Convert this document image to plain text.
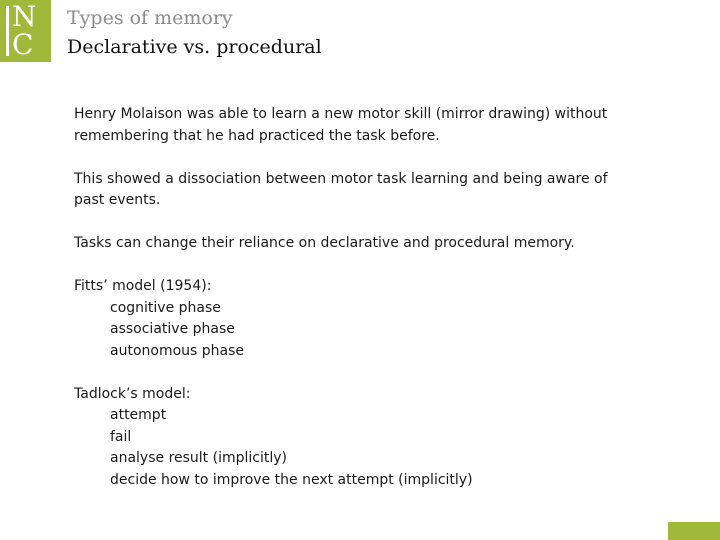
N
C
Types of memory
Declarative vs. procedural

Henry Molaison was able to learn a new motor skill (mirror drawing) without
remembering that he had practiced the task before.

This showed a dissociation between motor task learning and being aware of
past events.

Tasks can change their reliance on declarative and procedural memory.

Fitts’ model (1954):
cognitive phase
associative phase
autonomous phase
Tadlock’s model:
attempt
fail
analyse result (implicitly)
decide how to improve the next attempt (implicitly)
